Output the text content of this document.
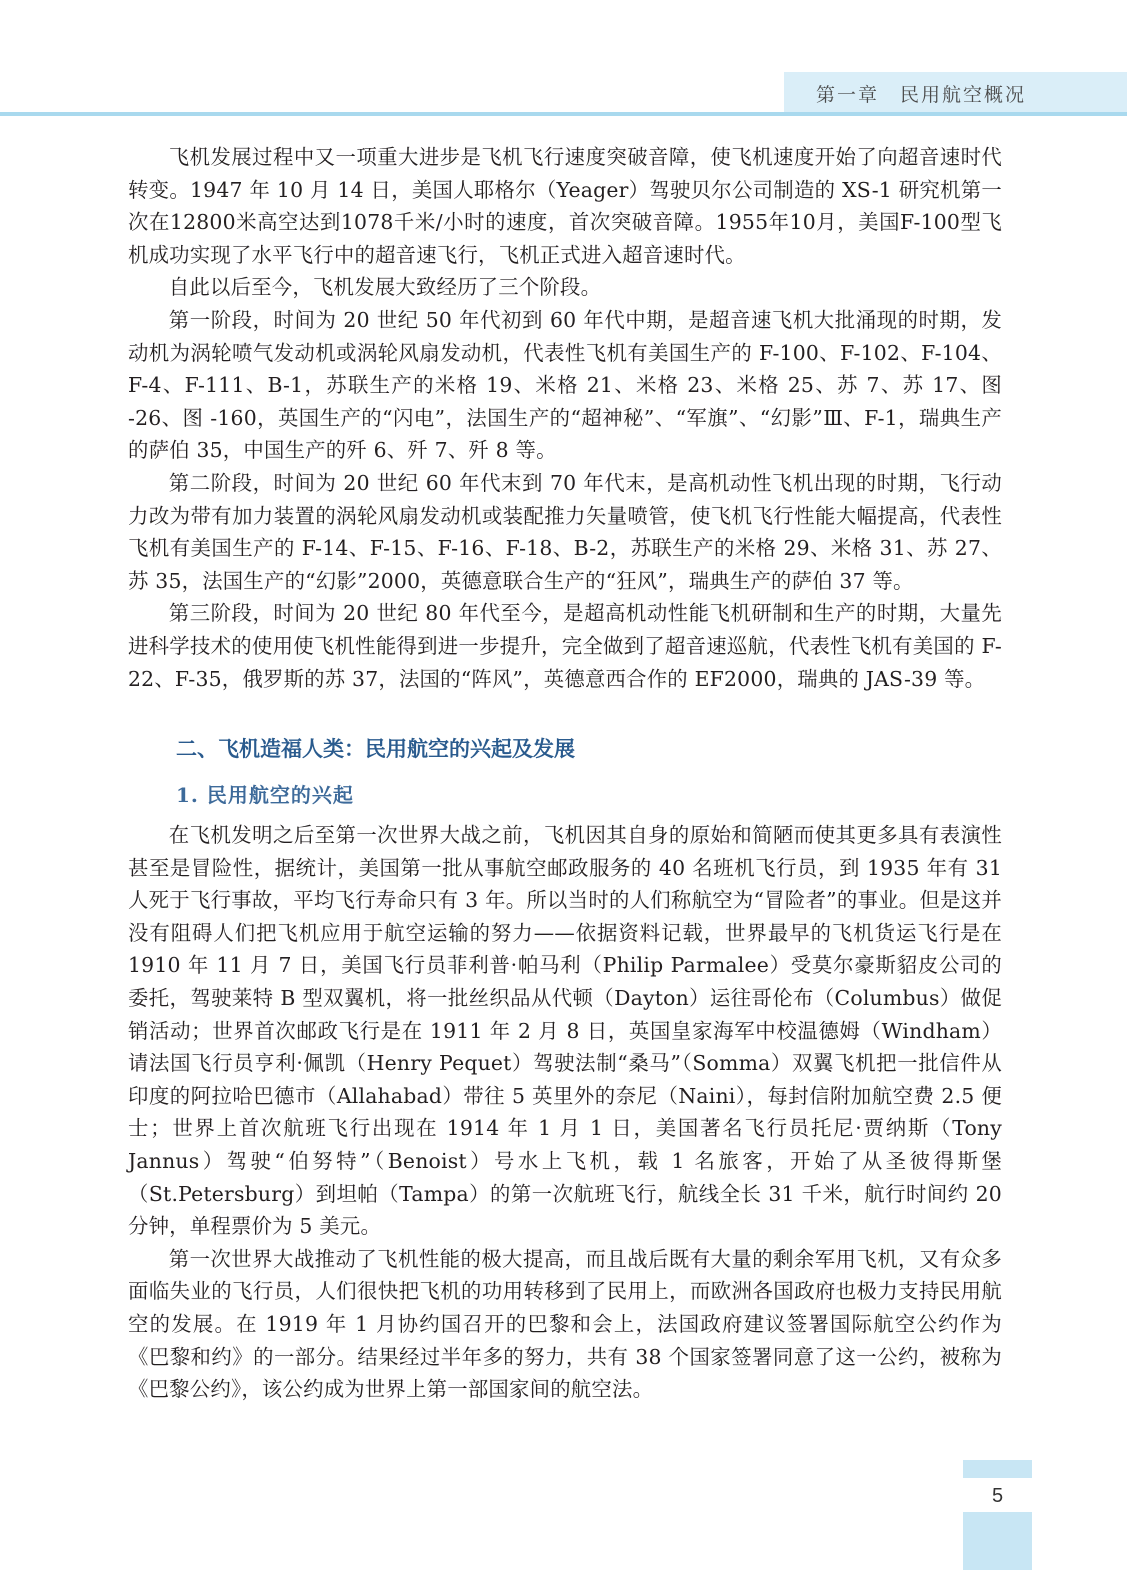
第一章　民用航空概况

飞机发展过程中又一项重大进步是飞机飞行速度突破音障，使飞机速度开始了向超音速时代转变。1947 年 10 月 14 日，美国人耶格尔（Yeager）驾驶贝尔公司制造的 XS-1 研究机第一次在12800米高空达到1078千米/小时的速度，首次突破音障。1955年10月，美国F-100型飞机成功实现了水平飞行中的超音速飞行，飞机正式进入超音速时代。

自此以后至今，飞机发展大致经历了三个阶段。

第一阶段，时间为 20 世纪 50 年代初到 60 年代中期，是超音速飞机大批涌现的时期，发动机为涡轮喷气发动机或涡轮风扇发动机，代表性飞机有美国生产的 F-100、F-102、F-104、F-4、F-111、B-1，苏联生产的米格 19、米格 21、米格 23、米格 25、苏 7、苏 17、图 -26、图 -160，英国生产的“闪电”，法国生产的“超神秘”、“军旗”、“幻影”Ⅲ、F-1，瑞典生产的萨伯 35，中国生产的歼 6、歼 7、歼 8 等。

第二阶段，时间为 20 世纪 60 年代末到 70 年代末，是高机动性飞机出现的时期，飞行动力改为带有加力装置的涡轮风扇发动机或装配推力矢量喷管，使飞机飞行性能大幅提高，代表性飞机有美国生产的 F-14、F-15、F-16、F-18、B-2，苏联生产的米格 29、米格 31、苏 27、苏 35，法国生产的“幻影”2000，英德意联合生产的“狂风”，瑞典生产的萨伯 37 等。

第三阶段，时间为 20 世纪 80 年代至今，是超高机动性能飞机研制和生产的时期，大量先进科学技术的使用使飞机性能得到进一步提升，完全做到了超音速巡航，代表性飞机有美国的 F-22、F-35，俄罗斯的苏 37，法国的“阵风”，英德意西合作的 EF2000，瑞典的 JAS-39 等。

二、飞机造福人类：民用航空的兴起及发展
1. 民用航空的兴起

在飞机发明之后至第一次世界大战之前，飞机因其自身的原始和简陋而使其更多具有表演性甚至是冒险性，据统计，美国第一批从事航空邮政服务的 40 名班机飞行员，到 1935 年有 31 人死于飞行事故，平均飞行寿命只有 3 年。所以当时的人们称航空为“冒险者”的事业。但是这并没有阻碍人们把飞机应用于航空运输的努力——依据资料记载，世界最早的飞机货运飞行是在 1910 年 11 月 7 日，美国飞行员菲利普·帕马利（Philip Parmalee）受莫尔豪斯貂皮公司的委托，驾驶莱特 B 型双翼机，将一批丝织品从代顿（Dayton）运往哥伦布（Columbus）做促销活动；世界首次邮政飞行是在 1911 年 2 月 8 日，英国皇家海军中校温德姆（Windham）请法国飞行员亨利·佩凯（Henry Pequet）驾驶法制“桑马”（Somma）双翼飞机把一批信件从印度的阿拉哈巴德市（Allahabad）带往 5 英里外的奈尼（Naini），每封信附加航空费 2.5 便士；世界上首次航班飞行出现在 1914 年 1 月 1 日，美国著名飞行员托尼·贾纳斯（Tony Jannus）驾驶“伯努特”（Benoist）号水上飞机，载 1 名旅客，开始了从圣彼得斯堡（St.Petersburg）到坦帕（Tampa）的第一次航班飞行，航线全长 31 千米，航行时间约 20 分钟，单程票价为 5 美元。

第一次世界大战推动了飞机性能的极大提高，而且战后既有大量的剩余军用飞机，又有众多面临失业的飞行员，人们很快把飞机的功用转移到了民用上，而欧洲各国政府也极力支持民用航空的发展。在 1919 年 1 月协约国召开的巴黎和会上，法国政府建议签署国际航空公约作为《巴黎和约》的一部分。结果经过半年多的努力，共有 38 个国家签署同意了这一公约，被称为《巴黎公约》，该公约成为世界上第一部国家间的航空法。

5
